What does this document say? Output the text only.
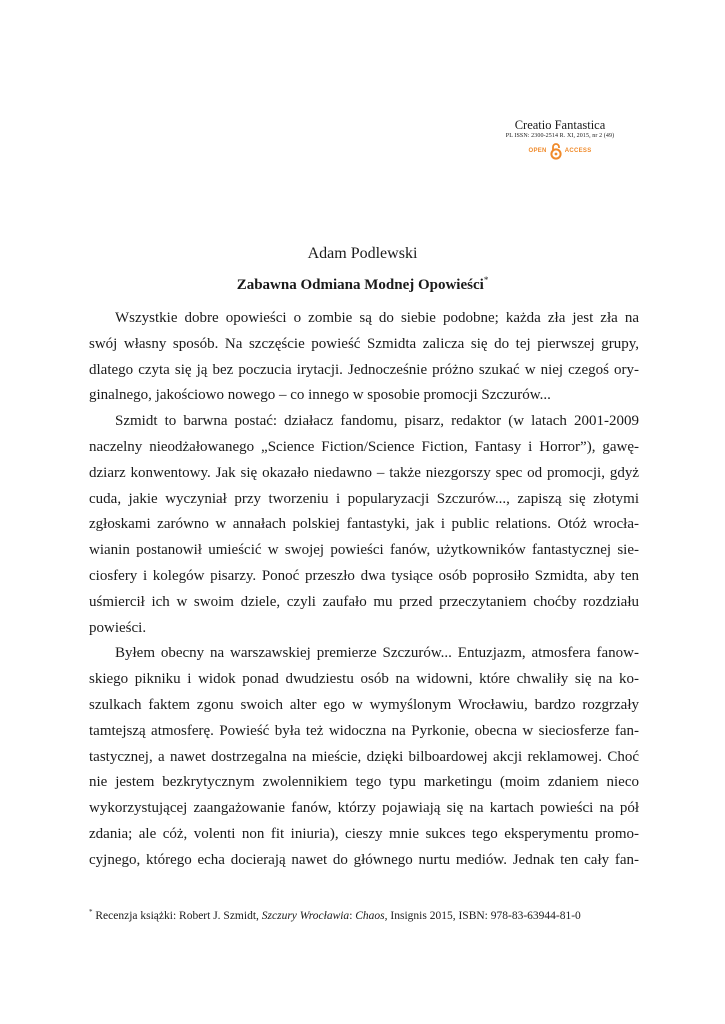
Creatio Fantastica
PL ISSN: 2300-2514 R. XI, 2015, nr 2 (49)
OPEN	ACCESS
Adam Podlewski
Zabawna Odmiana Modnej Opowieści*

Wszystkie dobre opowieści o zombie są do siebie podobne; każda zła jest zła na
swój własny sposób. Na szczęście powieść Szmidta zalicza się do tej pierwszej grupy,
dlatego czyta się ją bez poczucia irytacji. Jednocześnie próżno szukać w niej czegoś ory-
ginalnego, jakościowo nowego – co innego w sposobie promocji Szczurów...

Szmidt to barwna postać: działacz fandomu, pisarz, redaktor (w latach 2001-2009
naczelny nieodżałowanego „Science Fiction/Science Fiction, Fantasy i Horror”), gawę-
dziarz konwentowy. Jak się okazało niedawno – także niezgorszy spec od promocji, gdyż
cuda, jakie wyczyniał przy tworzeniu i popularyzacji Szczurów..., zapiszą się złotymi
zgłoskami zarówno w annałach polskiej fantastyki, jak i public relations. Otóż wrocła-
wianin postanowił umieścić w swojej powieści fanów, użytkowników fantastycznej sie-
ciosfery i kolegów pisarzy. Ponoć przeszło dwa tysiące osób poprosiło Szmidta, aby ten
uśmiercił ich w swoim dziele, czyli zaufało mu przed przeczytaniem choćby rozdziału
powieści.

Byłem obecny na warszawskiej premierze Szczurów... Entuzjazm, atmosfera fanow-
skiego pikniku i widok ponad dwudziestu osób na widowni, które chwaliły się na ko-
szulkach faktem zgonu swoich alter ego w wymyślonym Wrocławiu, bardzo rozgrzały
tamtejszą atmosferę. Powieść była też widoczna na Pyrkonie, obecna w sieciosferze fan-
tastycznej, a nawet dostrzegalna na mieście, dzięki bilboardowej akcji reklamowej. Choć
nie jestem bezkrytycznym zwolennikiem tego typu marketingu (moim zdaniem nieco
wykorzystującej zaangażowanie fanów, którzy pojawiają się na kartach powieści na pół
zdania; ale cóż, volenti non fit iniuria), cieszy mnie sukces tego eksperymentu promo-
cyjnego, którego echa docierają nawet do głównego nurtu mediów. Jednak ten cały fan-

* Recenzja książki: Robert J. Szmidt, Szczury Wrocławia: Chaos, Insignis 2015, ISBN: 978-83-63944-81-0
